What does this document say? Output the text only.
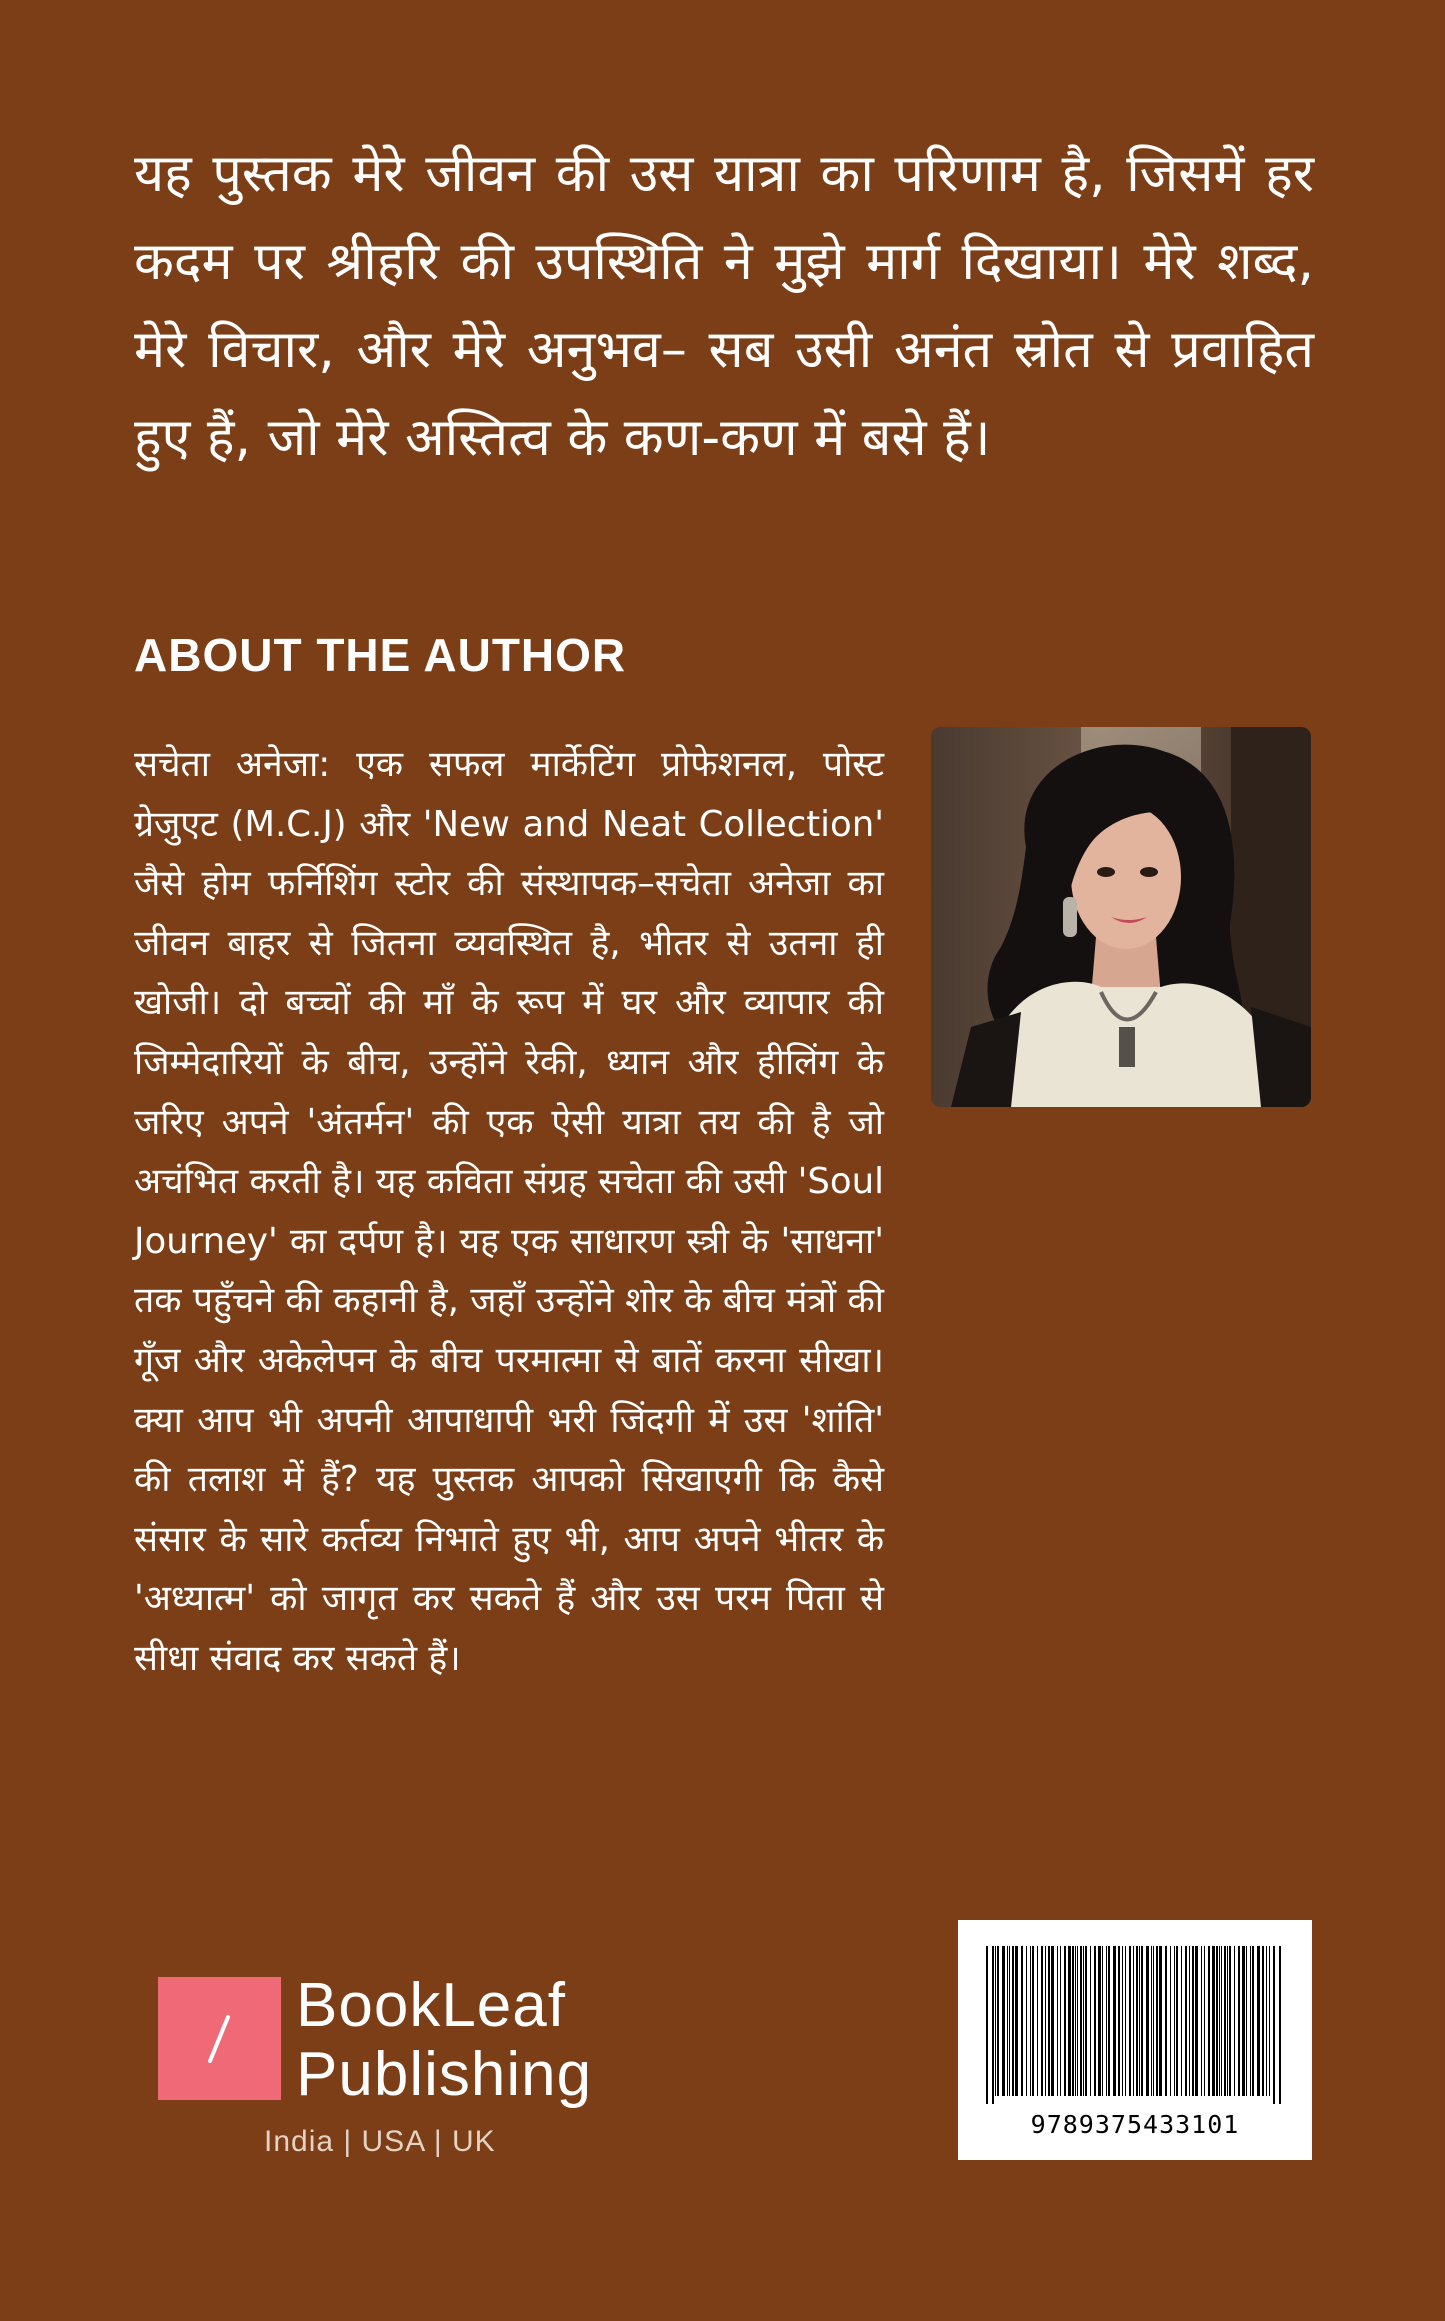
यह पुस्तक मेरे जीवन की उस यात्रा का परिणाम है, जिसमें हर कदम पर श्रीहरि की उपस्थिति ने मुझे मार्ग दिखाया। मेरे शब्द, मेरे विचार, और मेरे अनुभव– सब उसी अनंत स्रोत से प्रवाहित हुए हैं, जो मेरे अस्तित्व के कण-कण में बसे हैं।

ABOUT THE AUTHOR

सचेता अनेजा: एक सफल मार्केटिंग प्रोफेशनल, पोस्ट ग्रेजुएट (M.C.J) और 'New and Neat Collection' जैसे होम फर्निशिंग स्टोर की संस्थापक–सचेता अनेजा का जीवन बाहर से जितना व्यवस्थित है, भीतर से उतना ही खोजी। दो बच्चों की माँ के रूप में घर और व्यापार की जिम्मेदारियों के बीच, उन्होंने रेकी, ध्यान और हीलिंग के जरिए अपने 'अंतर्मन' की एक ऐसी यात्रा तय की है जो अचंभित करती है। यह कविता संग्रह सचेता की उसी 'Soul Journey' का दर्पण है। यह एक साधारण स्त्री के 'साधना' तक पहुँचने की कहानी है, जहाँ उन्होंने शोर के बीच मंत्रों की गूँज और अकेलेपन के बीच परमात्मा से बातें करना सीखा। क्या आप भी अपनी आपाधापी भरी जिंदगी में उस 'शांति' की तलाश में हैं? यह पुस्तक आपको सिखाएगी कि कैसे संसार के सारे कर्तव्य निभाते हुए भी, आप अपने भीतर के 'अध्यात्म' को जागृत कर सकते हैं और उस परम पिता से सीधा संवाद कर सकते हैं।

9789375433101
BookLeaf
Publishing
India | USA | UK
